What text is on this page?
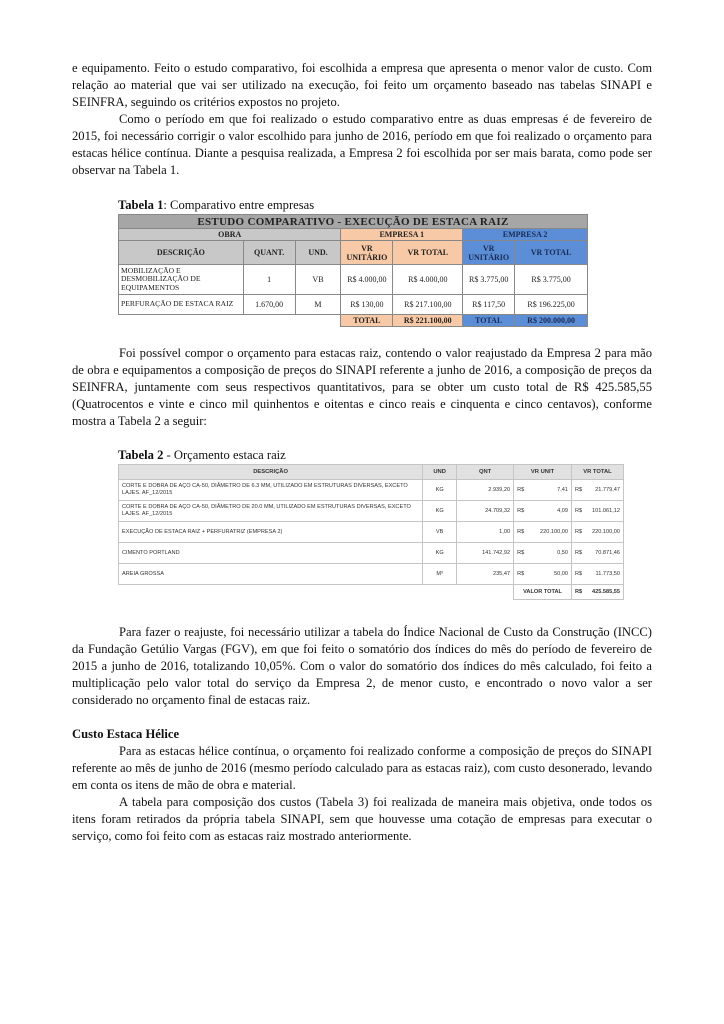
e equipamento. Feito o estudo comparativo, foi escolhida a empresa que apresenta o menor valor de custo. Com relação ao material que vai ser utilizado na execução, foi feito um orçamento baseado nas tabelas SINAPI e SEINFRA, seguindo os critérios expostos no projeto.

Como o período em que foi realizado o estudo comparativo entre as duas empresas é de fevereiro de 2015, foi necessário corrigir o valor escolhido para junho de 2016, período em que foi realizado o orçamento para estacas hélice contínua. Diante a pesquisa realizada, a Empresa 2 foi escolhida por ser mais barata, como pode ser observar na Tabela 1.

Tabela 1: Comparativo entre empresas
ESTUDO COMPARATIVO - EXECUÇÃO DE ESTACA RAIZ						
OBRA			EMPRESA 1		EMPRESA 2	
DESCRIÇÃO	QUANT.	UND.	VR UNITÁRIO	VR TOTAL	VR UNITÁRIO	VR TOTAL
MOBILIZAÇÃO E DESMOBILIZAÇÃO DE EQUIPAMENTOS	1	VB	R$ 4.000,00	R$ 4.000,00	R$ 3.775,00	R$ 3.775,00
PERFURAÇÃO DE ESTACA RAIZ	1.670,00	M	R$ 130,00	R$ 217.100,00	R$ 117,50	R$ 196.225,00
			TOTAL	R$ 221.100,00	TOTAL	R$ 200.000,00

Foi possível compor o orçamento para estacas raiz, contendo o valor reajustado da Empresa 2 para mão de obra e equipamentos a composição de preços do SINAPI referente a junho de 2016, a composição de preços da SEINFRA, juntamente com seus respectivos quantitativos, para se obter um custo total de R$ 425.585,55 (Quatrocentos e vinte e cinco mil quinhentos e oitentas e cinco reais e cinquenta e cinco centavos), conforme mostra a Tabela 2 a seguir:

Tabela 2 - Orçamento estaca raiz
DESCRIÇÃO	UND	QNT	VR UNIT	VR TOTAL
CORTE E DOBRA DE AÇO CA-50, DIÂMETRO DE 6.3 MM, UTILIZADO EM ESTRUTURAS DIVERSAS, EXCETO LAJES. AF_12/2015	KG	2.939,20	R$ 7,41	R$ 21.779,47

CORTE E DOBRA DE AÇO CA-50, DIÂMETRO DE 20.0 MM, UTILIZADO EM ESTRUTURAS DIVERSAS, EXCETO LAJES. AF_12/2015	KG	24.709,32	R$ 4,09	R$ 101.061,12

EXECUÇÃO DE ESTACA RAIZ + PERFURATRIZ (EMPRESA 2)	VB	1,00	R$ 220.100,00	R$ 220.100,00

CIMENTO PORTLAND	KG	141.742,92	R$ 0,50	R$ 70.871,46

AREIA GROSSA	M³	235,47	R$ 50,00	R$ 11.773,50

			VALOR TOTAL	R$ 425.585,55

Para fazer o reajuste, foi necessário utilizar a tabela do Índice Nacional de Custo da Construção (INCC) da Fundação Getúlio Vargas (FGV), em que foi feito o somatório dos índices do mês do período de fevereiro de 2015 a junho de 2016, totalizando 10,05%. Com o valor do somatório dos índices do mês calculado, foi feito a multiplicação pelo valor total do serviço da Empresa 2, de menor custo, e encontrado o novo valor a ser considerado no orçamento final de estacas raiz.

Custo Estaca Hélice

Para as estacas hélice contínua, o orçamento foi realizado conforme a composição de preços do SINAPI referente ao mês de junho de 2016 (mesmo período calculado para as estacas raiz), com custo desonerado, levando em conta os itens de mão de obra e material.

A tabela para composição dos custos (Tabela 3) foi realizada de maneira mais objetiva, onde todos os itens foram retirados da própria tabela SINAPI, sem que houvesse uma cotação de empresas para executar o serviço, como foi feito com as estacas raiz mostrado anteriormente.
